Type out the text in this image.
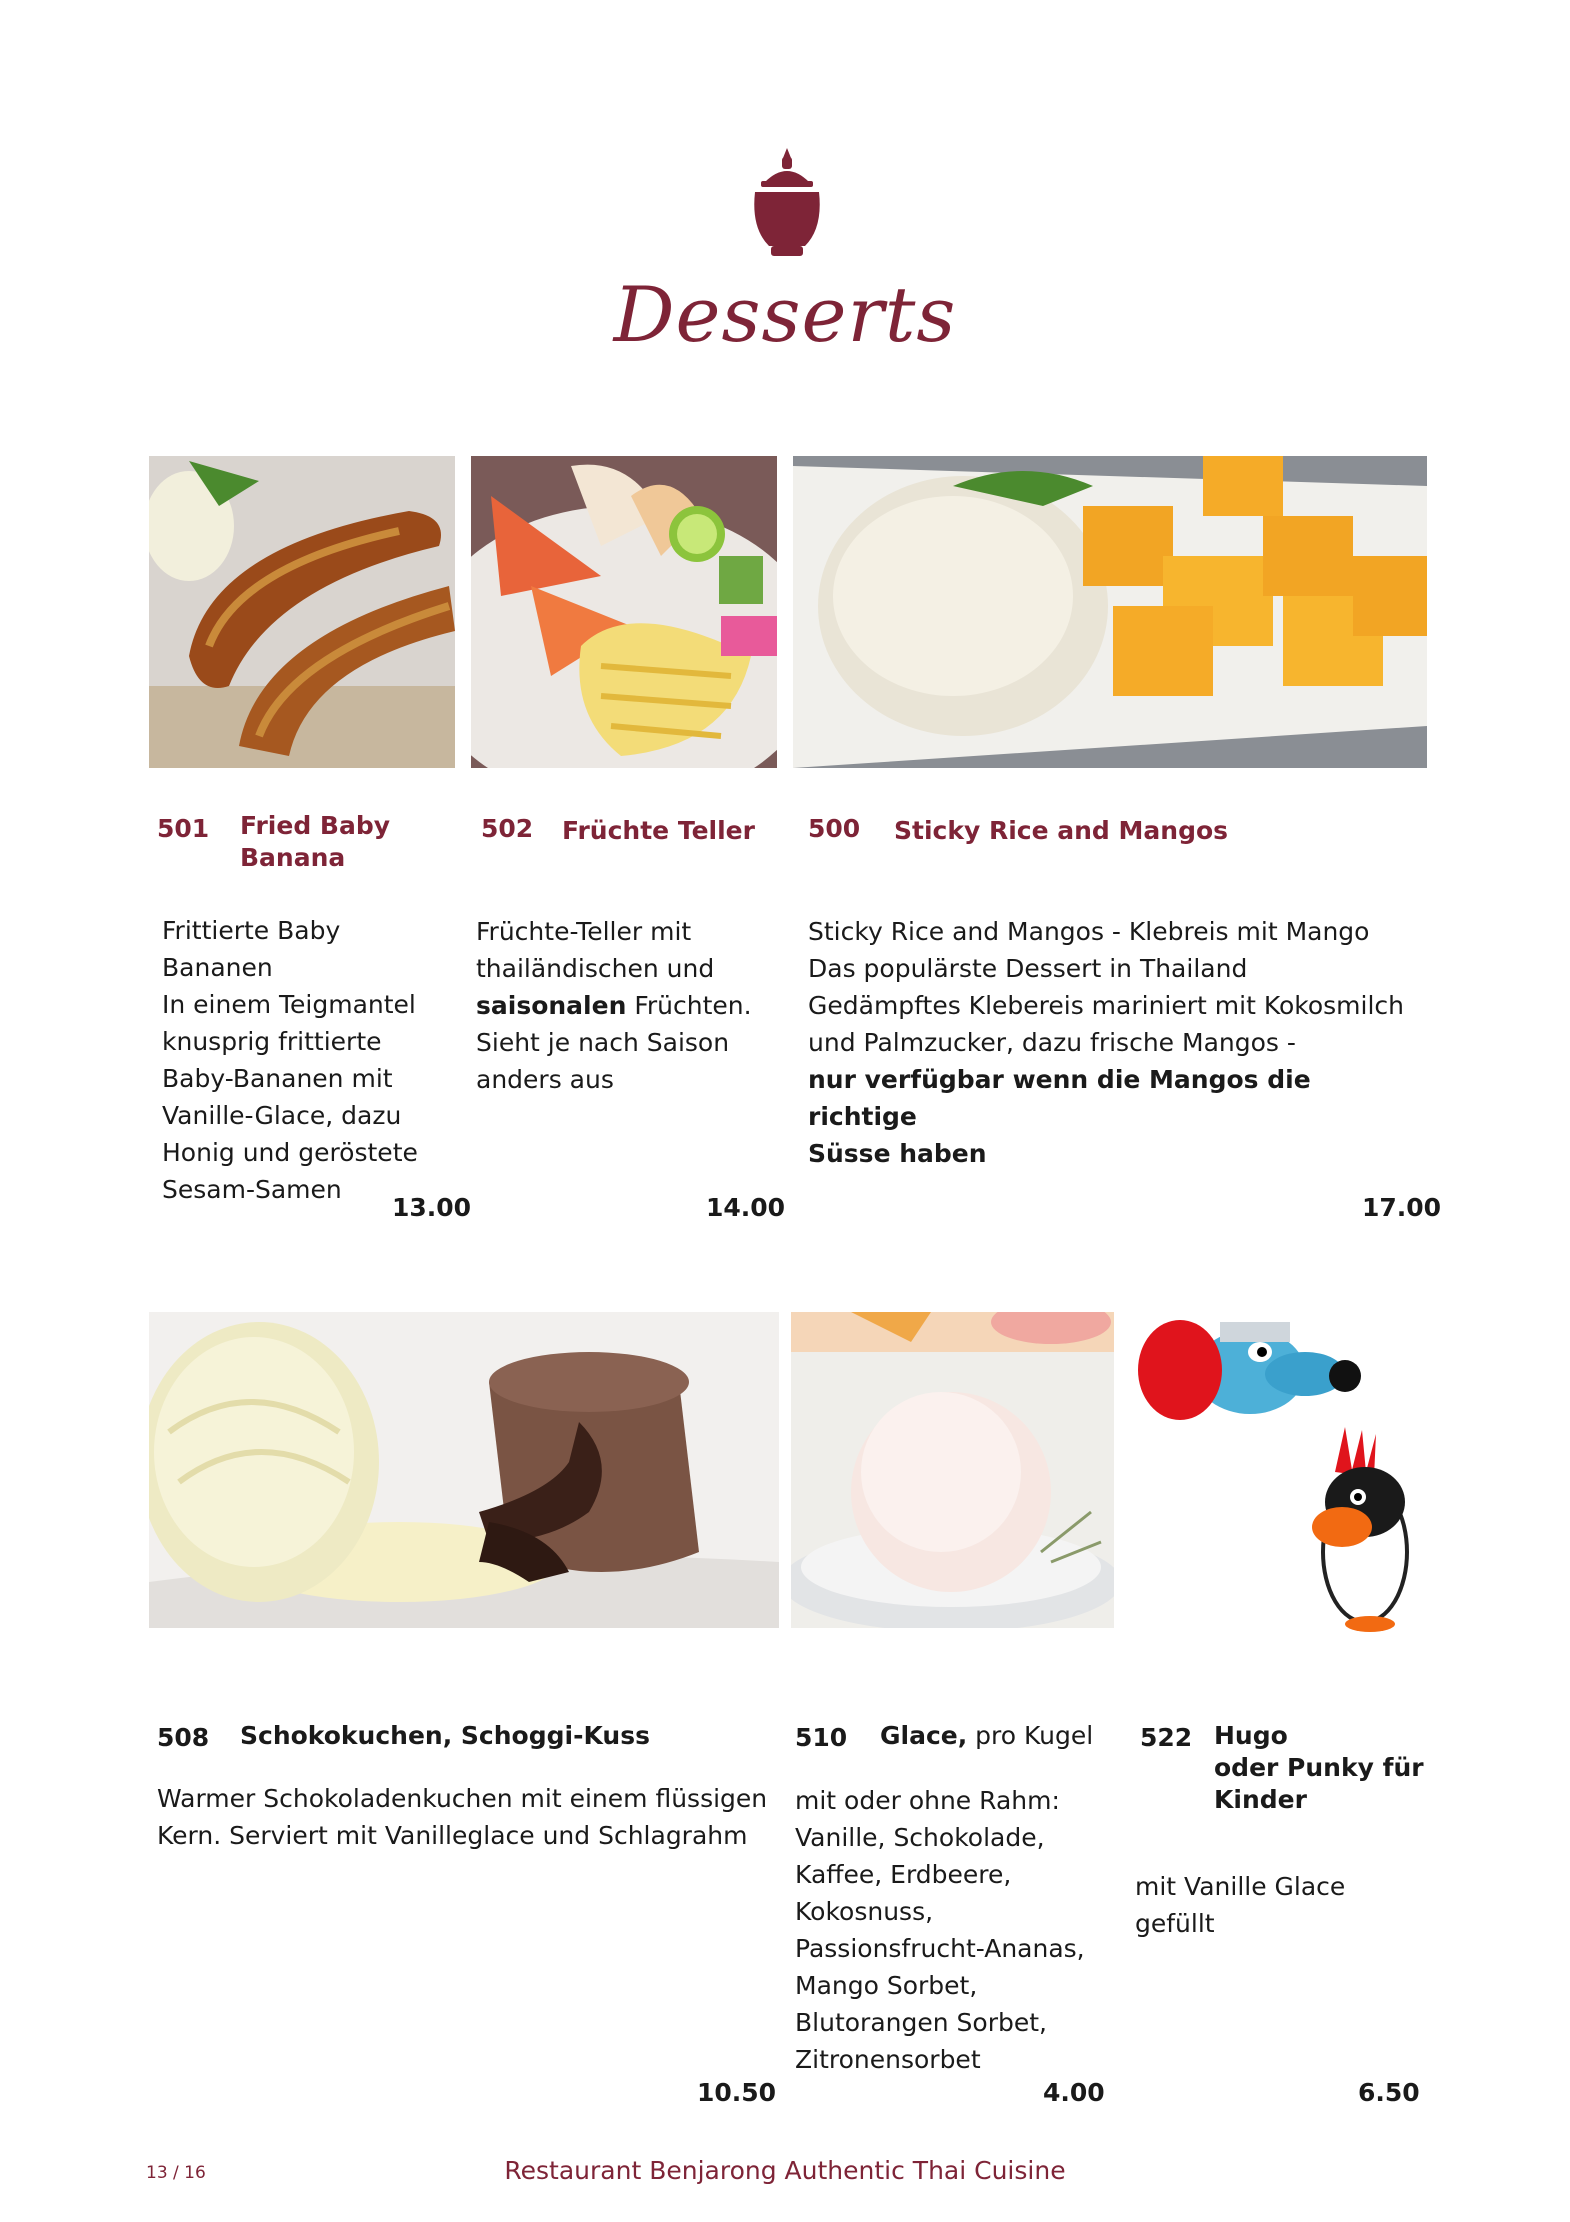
Desserts
501 Fried Baby Banana
Frittierte Baby
Bananen
In einem Teigmantel
knusprig frittierte
Baby-Bananen mit
Vanille-Glace, dazu
Honig und geröstete
Sesam-Samen
13.00
502 Früchte Teller
Früchte-Teller mit
thailändischen und
saisonalen Früchten.
Sieht je nach Saison
anders aus
14.00
500 Sticky Rice and Mangos
Sticky Rice and Mangos - Klebreis mit Mango
Das populärste Dessert in Thailand
Gedämpftes Klebereis mariniert mit Kokosmilch
und Palmzucker, dazu frische Mangos -
nur verfügbar wenn die Mangos die richtige
Süsse haben
17.00
508 Schokokuchen, Schoggi-Kuss
Warmer Schokoladenkuchen mit einem flüssigen
Kern. Serviert mit Vanilleglace und Schlagrahm
10.50
510 Glace, pro Kugel
mit oder ohne Rahm:
Vanille, Schokolade,
Kaffee, Erdbeere,
Kokosnuss,
Passionsfrucht-Ananas,
Mango Sorbet,
Blutorangen Sorbet,
Zitronensorbet
4.00
522 Hugo
oder Punky für
Kinder
mit Vanille Glace
gefüllt
6.50
13 / 16	Restaurant Benjarong Authentic Thai Cuisine
